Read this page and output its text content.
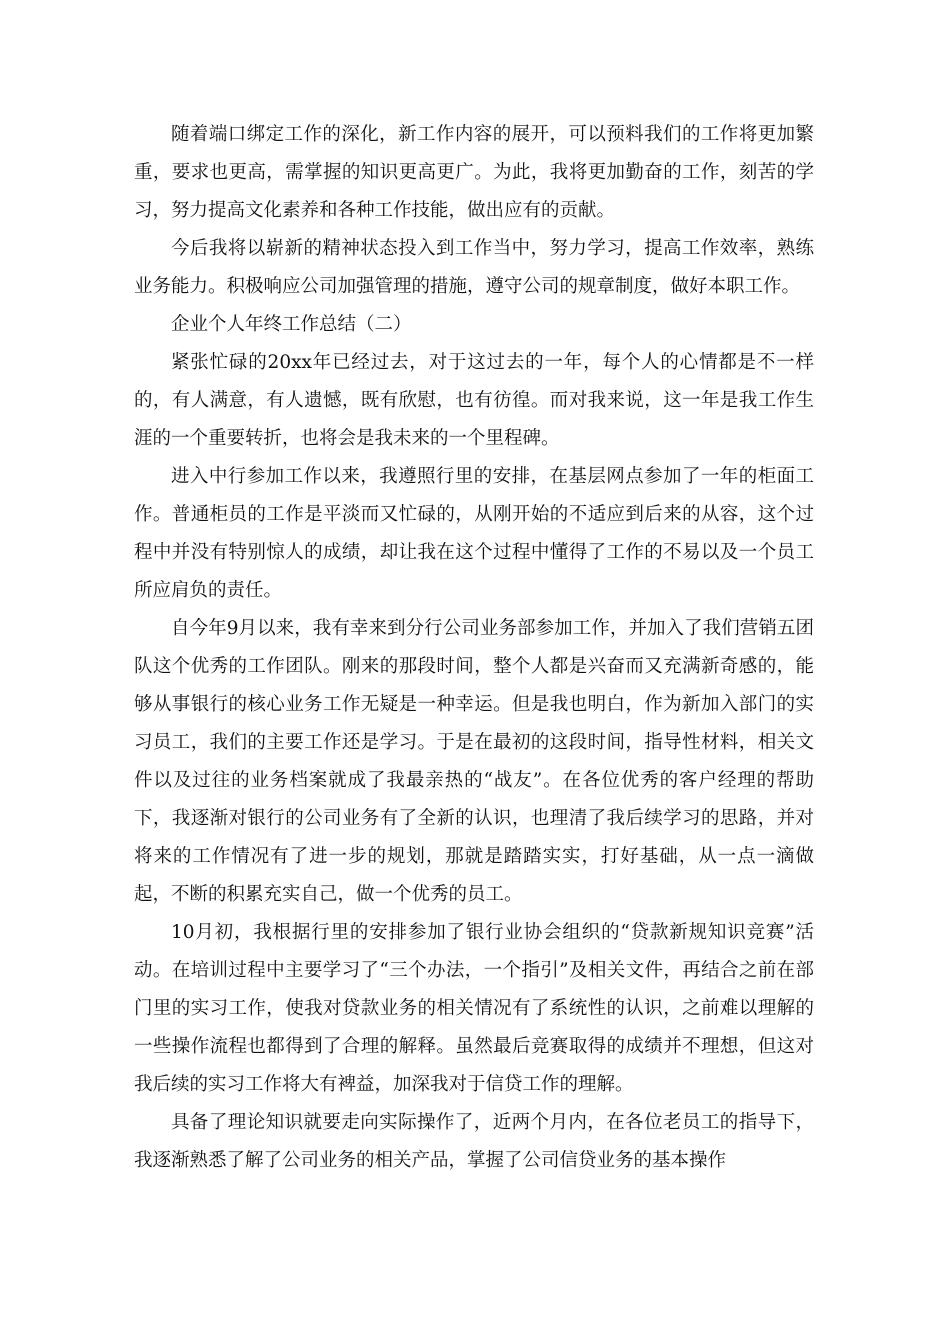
随着端口绑定工作的深化，新工作内容的展开，可以预料我们的工作将更加繁重，要求也更高，需掌握的知识更高更广。为此，我将更加勤奋的工作，刻苦的学习，努力提高文化素养和各种工作技能，做出应有的贡献。

今后我将以崭新的精神状态投入到工作当中，努力学习，提高工作效率，熟练业务能力。积极响应公司加强管理的措施，遵守公司的规章制度，做好本职工作。

企业个人年终工作总结（二）

紧张忙碌的20xx年已经过去，对于这过去的一年，每个人的心情都是不一样的，有人满意，有人遗憾，既有欣慰，也有彷徨。而对我来说，这一年是我工作生涯的一个重要转折，也将会是我未来的一个里程碑。

进入中行参加工作以来，我遵照行里的安排，在基层网点参加了一年的柜面工作。普通柜员的工作是平淡而又忙碌的，从刚开始的不适应到后来的从容，这个过程中并没有特别惊人的成绩，却让我在这个过程中懂得了工作的不易以及一个员工所应肩负的责任。

自今年9月以来，我有幸来到分行公司业务部参加工作，并加入了我们营销五团队这个优秀的工作团队。刚来的那段时间，整个人都是兴奋而又充满新奇感的，能够从事银行的核心业务工作无疑是一种幸运。但是我也明白，作为新加入部门的实习员工，我们的主要工作还是学习。于是在最初的这段时间，指导性材料，相关文件以及过往的业务档案就成了我最亲热的“战友”。在各位优秀的客户经理的帮助下，我逐渐对银行的公司业务有了全新的认识，也理清了我后续学习的思路，并对将来的工作情况有了进一步的规划，那就是踏踏实实，打好基础，从一点一滴做起，不断的积累充实自己，做一个优秀的员工。

10月初，我根据行里的安排参加了银行业协会组织的“贷款新规知识竞赛”活动。在培训过程中主要学习了“三个办法，一个指引”及相关文件，再结合之前在部门里的实习工作，使我对贷款业务的相关情况有了系统性的认识，之前难以理解的一些操作流程也都得到了合理的解释。虽然最后竞赛取得的成绩并不理想，但这对我后续的实习工作将大有裨益，加深我对于信贷工作的理解。

具备了理论知识就要走向实际操作了，近两个月内，在各位老员工的指导下，我逐渐熟悉了解了公司业务的相关产品，掌握了公司信贷业务的基本操作
